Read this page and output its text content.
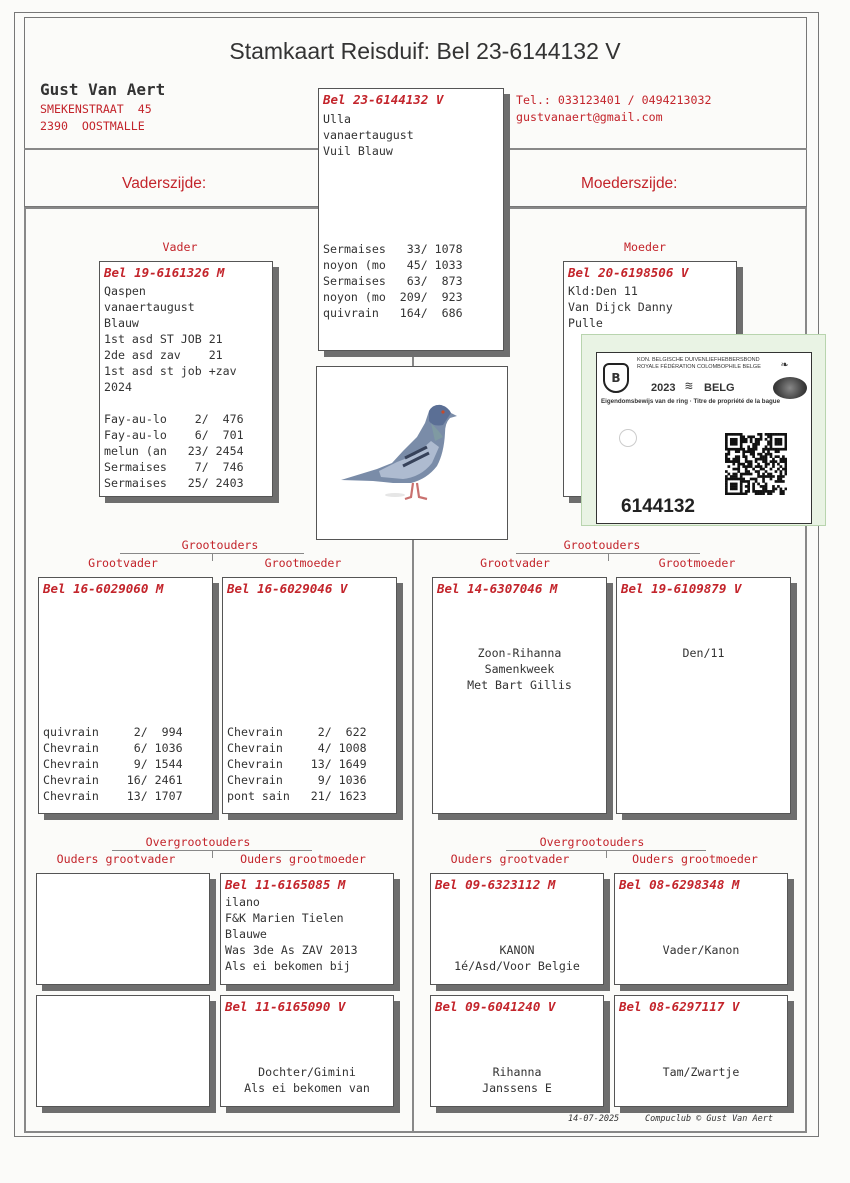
Stamkaart Reisduif: Bel 23-6144132 V
Gust Van Aert
SMEKENSTRAAT  45
2390  OOSTMALLE
Tel.: 033123401 / 0494213032
gustvanaert@gmail.com
Vaderszijde:	Moederszijde:
Bel 23-6144132 V
Ulla
vanaertaugust
Vuil Blauw
Sermaises   33/ 1078
noyon (mo   45/ 1033
Sermaises   63/  873
noyon (mo  209/  923
quivrain   164/  686
Vader
Bel 19-6161326 M
Qaspen
vanaertaugust
Blauw
1st asd ST JOB 21
2de asd zav    21
1st asd st job +zav
2024
Fay-au-lo    2/  476
Fay-au-lo    6/  701
melun (an   23/ 2454
Sermaises    7/  746
Sermaises   25/ 2403
Moeder
Bel 20-6198506 V
Kld:Den 11
Van Dijck Danny
Pulle
B
KON. BELGISCHE DUIVENLIEFHEBBERSBOND
ROYALE FÉDÉRATION COLOMBOPHILE BELGE
2023 ≋ BELG
❧
Eigendomsbewijs van de ring · Titre de propriété de la bague
6144132
Grootouders	Grootouders
Grootvader	Grootmoeder	Grootvader	Grootmoeder
Bel 16-6029060 M
quivrain     2/  994
Chevrain     6/ 1036
Chevrain     9/ 1544
Chevrain    16/ 2461
Chevrain    13/ 1707
Bel 16-6029046 V
Chevrain     2/  622
Chevrain     4/ 1008
Chevrain    13/ 1649
Chevrain     9/ 1036
pont sain   21/ 1623
Bel 14-6307046 M
Zoon-Rihanna
Samenkweek
Met Bart Gillis
Bel 19-6109879 V
Den/11
Overgrootouders	Overgrootouders
Ouders grootvader	Ouders grootmoeder	Ouders grootvader	Ouders grootmoeder
Bel 11-6165085 M
ilano
F&K Marien Tielen
Blauwe
Was 3de As ZAV 2013
Als ei bekomen bij
Bel 09-6323112 M
KANON
1é/Asd/Voor Belgie
Bel 08-6298348 M
Vader/Kanon
Bel 11-6165090 V
Dochter/Gimini
Als ei bekomen van
Bel 09-6041240 V
Rihanna
Janssens E
Bel 08-6297117 V
Tam/Zwartje
14-07-2025	Compuclub © Gust Van Aert
